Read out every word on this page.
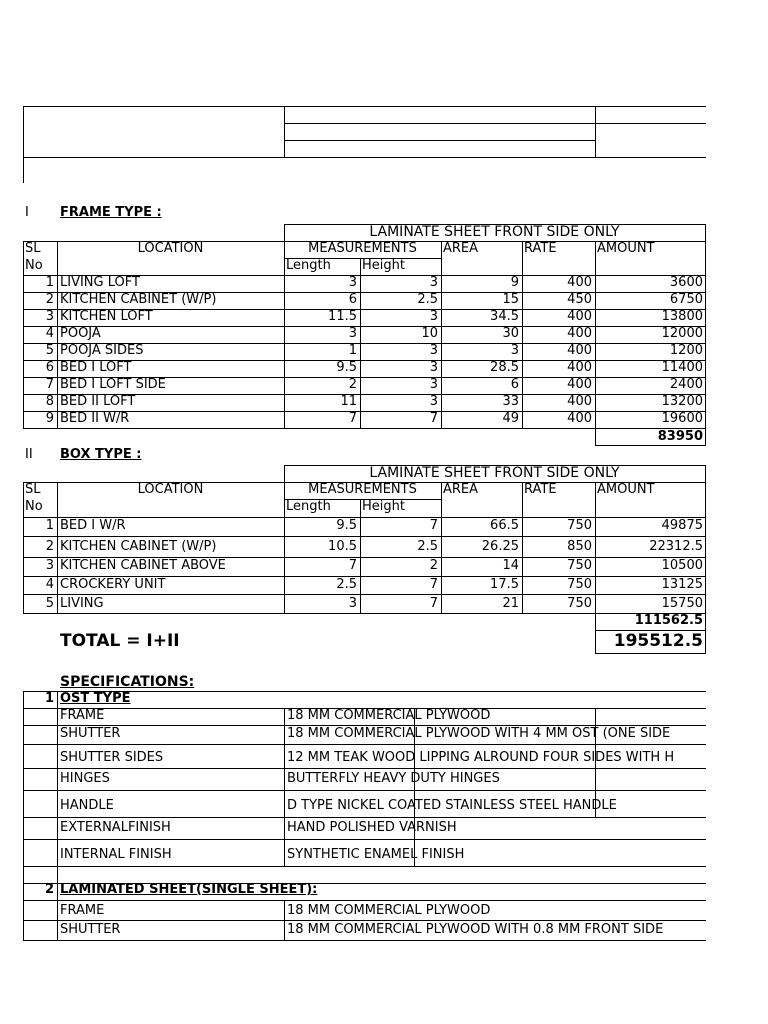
I FRAME TYPE :
LAMINATE SHEET FRONT SIDE ONLY
SL
No
LOCATION	MEASUREMENTS	AREA	RATE	AMOUNT
Length Height
1 LIVING LOFT	3	3	9	400	3600
2 KITCHEN CABINET (W/P)	6	2.5	15	450	6750
3 KITCHEN LOFT	11.5	3	34.5	400	13800
4 POOJA	3	10	30	400	12000
5 POOJA SIDES	1	3	3	400	1200
6 BED I LOFT	9.5	3	28.5	400	11400
7 BED I LOFT SIDE	2	3	6	400	2400
8 BED II LOFT	11	3	33	400	13200
9 BED II W/R	7	7	49	400	19600
83950
II BOX TYPE :
LAMINATE SHEET FRONT SIDE ONLY
SL
No
LOCATION	MEASUREMENTS	AREA	RATE	AMOUNT
Length Height
1 BED I W/R	9.5	7	66.5	750	49875
2 KITCHEN CABINET (W/P)	10.5	2.5	26.25	850	22312.5
3 KITCHEN CABINET ABOVE	7	2	14	750	10500
4 CROCKERY UNIT	2.5	7	17.5	750	13125
5 LIVING	3	7	21	750	15750
111562.5
TOTAL = I+II	195512.5
SPECIFICATIONS:
1 OST TYPE
FRAME	18 MM COMMERCIAL PLYWOOD
SHUTTER	18 MM COMMERCIAL PLYWOOD WITH 4 MM OST (ONE SIDE
SHUTTER SIDES	12 MM TEAK WOOD LIPPING ALROUND FOUR SIDES WITH H
HINGES	BUTTERFLY HEAVY DUTY HINGES
HANDLE	D TYPE NICKEL COATED STAINLESS STEEL HANDLE
EXTERNALFINISH	HAND POLISHED VARNISH
INTERNAL FINISH	SYNTHETIC ENAMEL FINISH
2 LAMINATED SHEET(SINGLE SHEET):
FRAME	18 MM COMMERCIAL PLYWOOD
SHUTTER	18 MM COMMERCIAL PLYWOOD WITH 0.8 MM FRONT SIDE
